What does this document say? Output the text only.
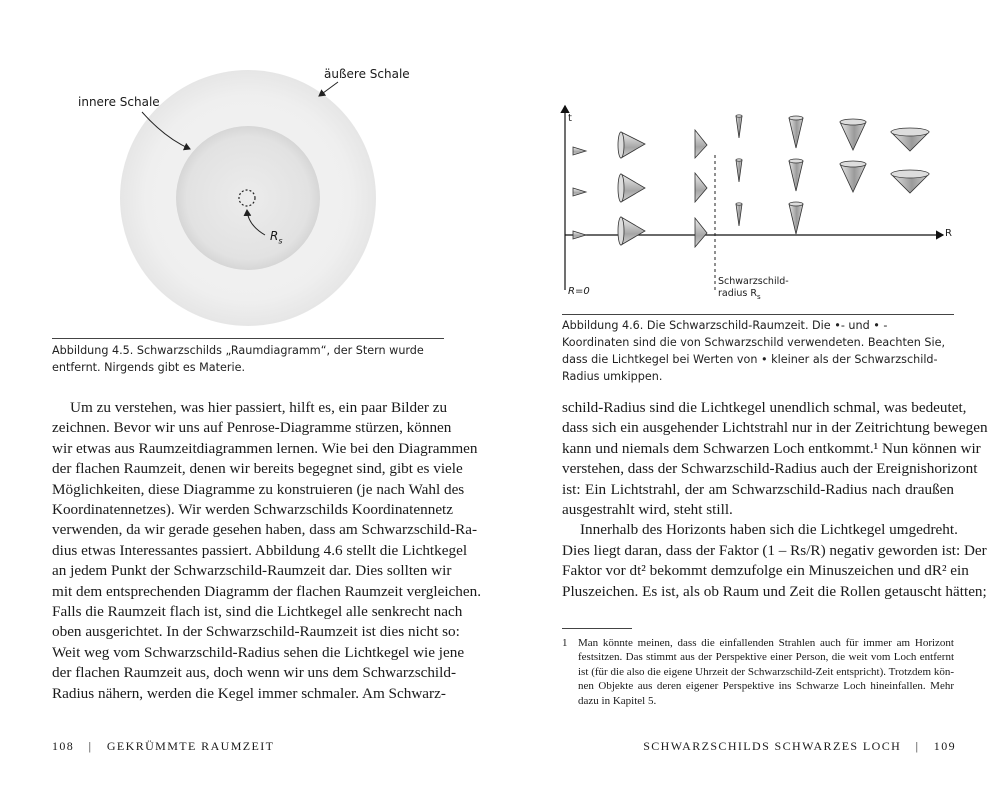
äußere Schale
innere Schale
$R_s$
Abbildung 4.5. Schwarzschilds „Raumdiagramm“, der Stern wurde entfernt. Nirgends gibt es Materie.
Um zu verstehen, was hier passiert, hilft es, ein paar Bilder zu
zeichnen. Bevor wir uns auf Penrose-Diagramme stürzen, können
wir etwas aus Raumzeitdiagrammen lernen. Wie bei den Diagrammen
der flachen Raumzeit, denen wir bereits begegnet sind, gibt es viele
Möglichkeiten, diese Diagramme zu konstruieren (je nach Wahl des
Koordinatennetzes). Wir werden Schwarzschilds Koordinatennetz
verwenden, da wir gerade gesehen haben, dass am Schwarzschild-Ra-
dius etwas Interessantes passiert. Abbildung 4.6 stellt die Lichtkegel
an jedem Punkt der Schwarzschild-Raumzeit dar. Dies sollten wir
mit dem entsprechenden Diagramm der flachen Raumzeit vergleichen.
Falls die Raumzeit flach ist, sind die Lichtkegel alle senkrecht nach
oben ausgerichtet. In der Schwarzschild-Raumzeit ist dies nicht so:
Weit weg vom Schwarzschild-Radius sehen die Lichtkegel wie jene
der flachen Raumzeit aus, doch wenn wir uns dem Schwarzschild-
Radius nähern, werden die Kegel immer schmaler. Am Schwarz-
108 | GEKRÜMMTE RAUMZEIT
t
R
R=0
Schwarzschild-
radius $R_s$
Abbildung 4.6. Die Schwarzschild-Raumzeit. Die •- und • -Koordinaten sind die von Schwarzschild verwendeten. Beachten Sie, dass die Lichtkegel bei Werten von • kleiner als der Schwarzschild-Radius umkippen.
schild-Radius sind die Lichtkegel unendlich schmal, was bedeutet,
dass sich ein ausgehender Lichtstrahl nur in der Zeitrichtung bewegen
kann und niemals dem Schwarzen Loch entkommt.¹ Nun können wir
verstehen, dass der Schwarzschild-Radius auch der Ereignishorizont
ist: Ein Lichtstrahl, der am Schwarzschild-Radius nach draußen
ausgestrahlt wird, steht still.
Innerhalb des Horizonts haben sich die Lichtkegel umgedreht.
Dies liegt daran, dass der Faktor (1 – Rs/R) negativ geworden ist: Der
Faktor vor dt² bekommt demzufolge ein Minuszeichen und dR² ein
Pluszeichen. Es ist, als ob Raum und Zeit die Rollen getauscht hätten;
1 Man könnte meinen, dass die einfallenden Strahlen auch für immer am Horizont
festsitzen. Das stimmt aus der Perspektive einer Person, die weit vom Loch entfernt
ist (für die also die eigene Uhrzeit der Schwarzschild-Zeit entspricht). Trotzdem kön-
nen Objekte aus deren eigener Perspektive ins Schwarze Loch hineinfallen. Mehr
dazu in Kapitel 5.
SCHWARZSCHILDS SCHWARZES LOCH | 109
